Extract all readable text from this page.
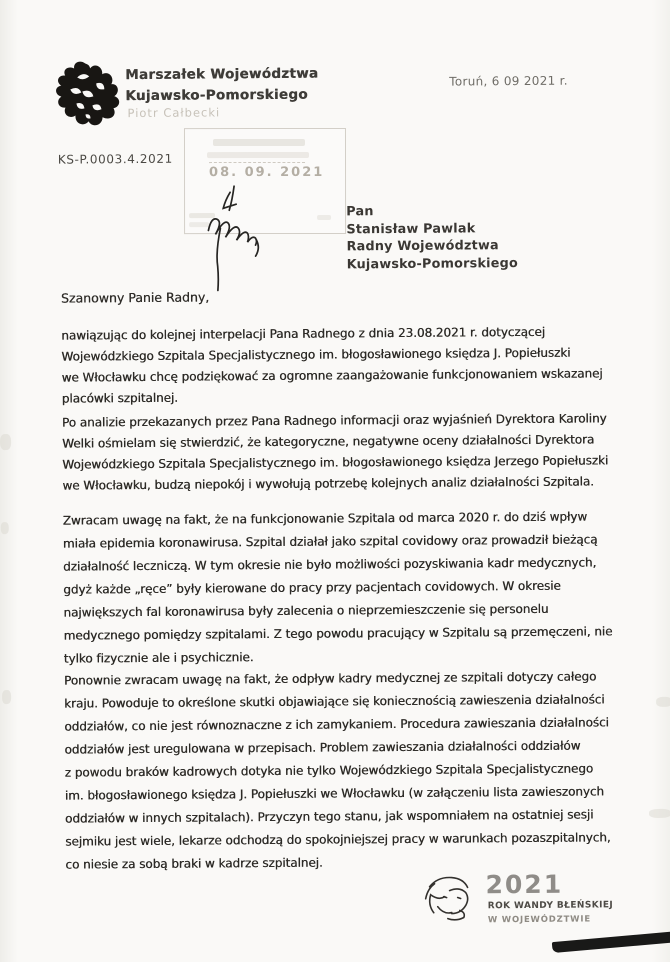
Marszałek Województwa
Kujawsko-Pomorskiego
Piotr Całbecki
Toruń, 6 09 2021 r.
KS-P.0003.4.2021
08. 09. 2021
Pan
Stanisław Pawlak
Radny Województwa
Kujawsko-Pomorskiego
Szanowny Panie Radny,
nawiązując do kolejnej interpelacji Pana Radnego z dnia 23.08.2021 r. dotyczącej
Wojewódzkiego Szpitala Specjalistycznego im. błogosławionego księdza J. Popiełuszki
we Włocławku chcę podziękować za ogromne zaangażowanie funkcjonowaniem wskazanej
placówki szpitalnej.
Po analizie przekazanych przez Pana Radnego informacji oraz wyjaśnień Dyrektora Karoliny
Welki ośmielam się stwierdzić, że kategoryczne, negatywne oceny działalności Dyrektora
Wojewódzkiego Szpitala Specjalistycznego im. błogosławionego księdza Jerzego Popiełuszki
we Włocławku, budzą niepokój i wywołują potrzebę kolejnych analiz działalności Szpitala.
Zwracam uwagę na fakt, że na funkcjonowanie Szpitala od marca 2020 r. do dziś wpływ
miała epidemia koronawirusa. Szpital działał jako szpital covidowy oraz prowadził bieżącą
działalność leczniczą. W tym okresie nie było możliwości pozyskiwania kadr medycznych,
gdyż każde „ręce” były kierowane do pracy przy pacjentach covidowych. W okresie
największych fal koronawirusa były zalecenia o nieprzemieszczenie się personelu
medycznego pomiędzy szpitalami. Z tego powodu pracujący w Szpitalu są przemęczeni, nie
tylko fizycznie ale i psychicznie.
Ponownie zwracam uwagę na fakt, że odpływ kadry medycznej ze szpitali dotyczy całego
kraju. Powoduje to określone skutki objawiające się koniecznością zawieszenia działalności
oddziałów, co nie jest równoznaczne z ich zamykaniem. Procedura zawieszania działalności
oddziałów jest uregulowana w przepisach. Problem zawieszania działalności oddziałów
z powodu braków kadrowych dotyka nie tylko Wojewódzkiego Szpitala Specjalistycznego
im. błogosławionego księdza J. Popiełuszki we Włocławku (w załączeniu lista zawieszonych
oddziałów w innych szpitalach). Przyczyn tego stanu, jak wspomniałem na ostatniej sesji
sejmiku jest wiele, lekarze odchodzą do spokojniejszej pracy w warunkach pozaszpitalnych,
co niesie za sobą braki w kadrze szpitalnej.
2021
ROK WANDY BŁEŃSKIEJ
W WOJEWÓDZTWIE
